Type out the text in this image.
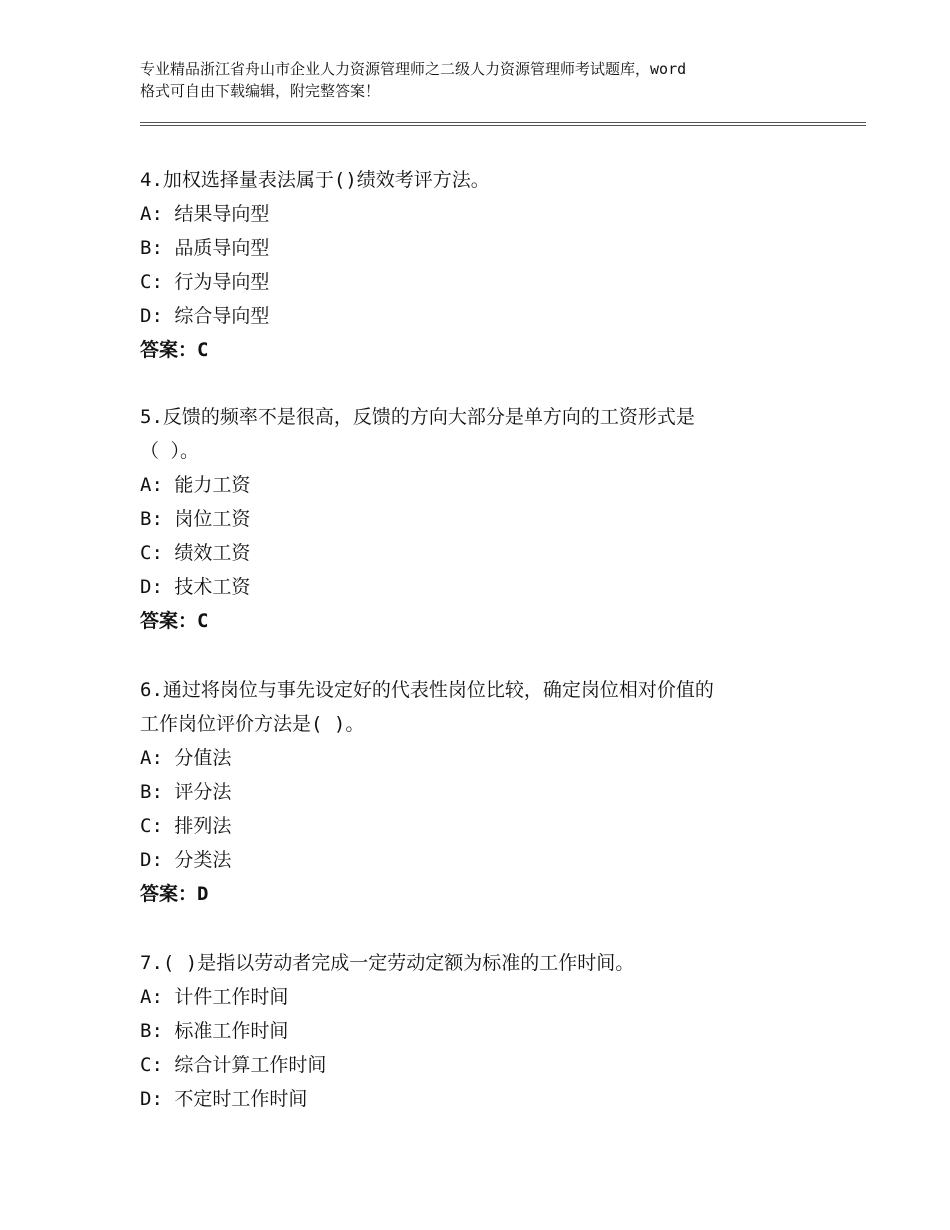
专业精品浙江省舟山市企业人力资源管理师之二级人力资源管理师考试题库，word
格式可自由下载编辑，附完整答案！

4.加权选择量表法属于()绩效考评方法。

A: 结果导向型

B: 品质导向型

C: 行为导向型

D: 综合导向型

答案：C

5.反馈的频率不是很高，反馈的方向大部分是单方向的工资形式是

（ ）。

A: 能力工资

B: 岗位工资

C: 绩效工资

D: 技术工资

答案：C

6.通过将岗位与事先设定好的代表性岗位比较，确定岗位相对价值的

工作岗位评价方法是( )。

A: 分值法

B: 评分法

C: 排列法

D: 分类法

答案：D

7.( )是指以劳动者完成一定劳动定额为标准的工作时间。

A: 计件工作时间

B: 标准工作时间

C: 综合计算工作时间

D: 不定时工作时间
